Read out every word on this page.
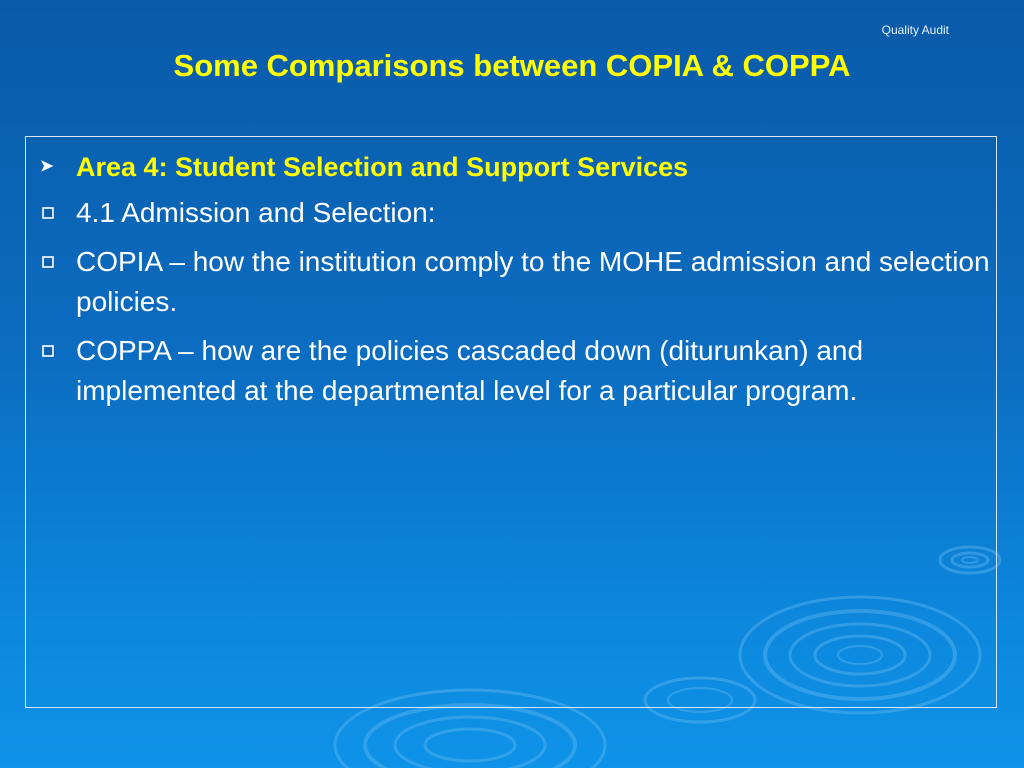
Quality Audit
Some Comparisons between COPIA & COPPA
➤ Area 4: Student Selection and Support Services
4.1 Admission and Selection:
COPIA – how the institution comply to the MOHE admission and selection policies.
COPPA – how are the policies cascaded down (diturunkan) and implemented at the departmental level for a particular program.
